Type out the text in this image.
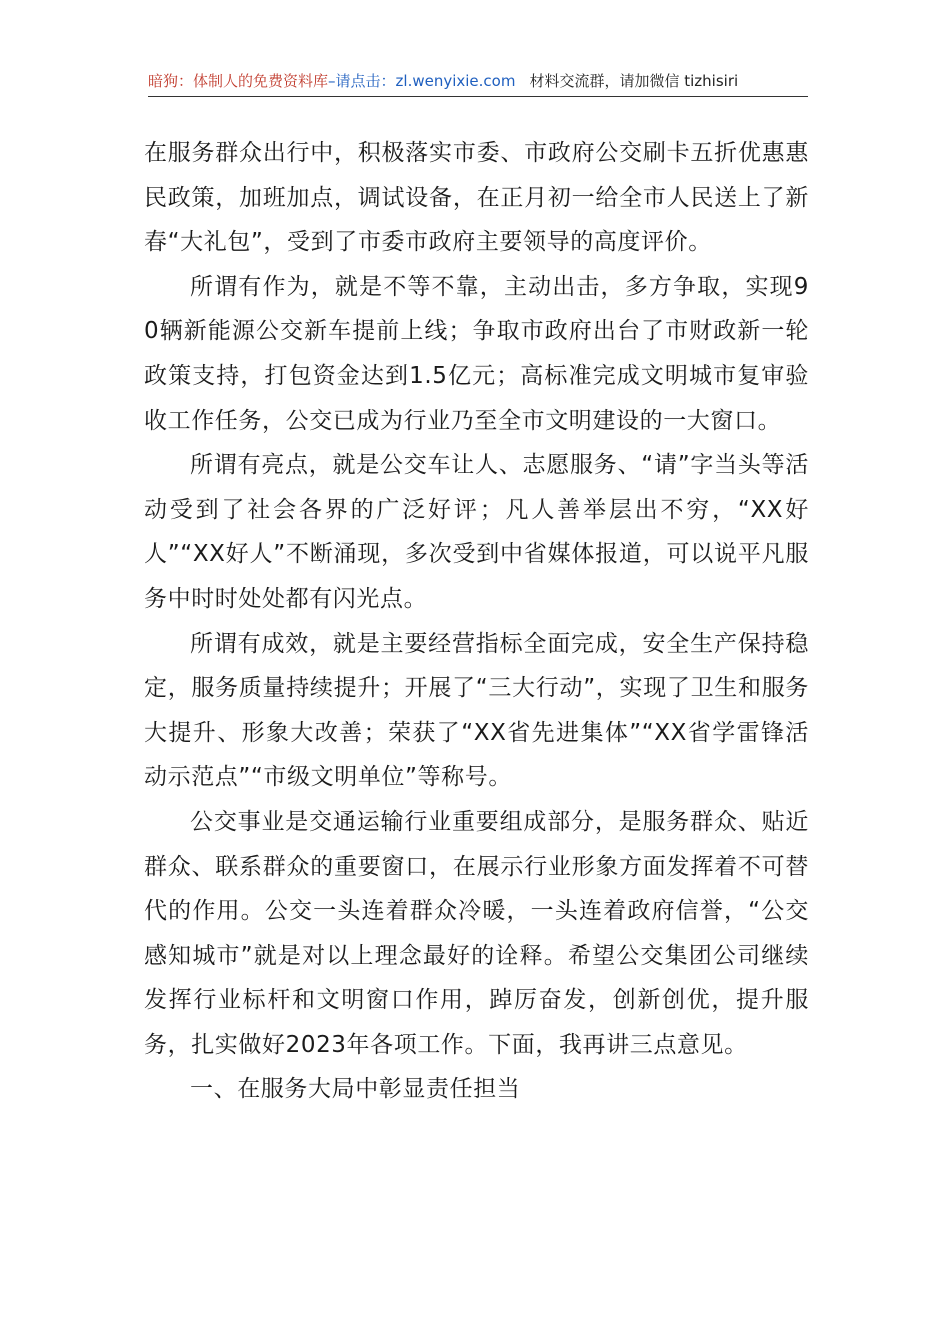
暗狗：体制人的免费资料库–请点击：zl.wenyixie.com 材料交流群，请加微信 tizhisiri

在服务群众出行中，积极落实市委、市政府公交刷卡五折优惠惠民政策，加班加点，调试设备，在正月初一给全市人民送上了新春“大礼包”，受到了市委市政府主要领导的高度评价。

所谓有作为，就是不等不靠，主动出击，多方争取，实现90辆新能源公交新车提前上线；争取市政府出台了市财政新一轮政策支持，打包资金达到1.5亿元；高标准完成文明城市复审验收工作任务，公交已成为行业乃至全市文明建设的一大窗口。

所谓有亮点，就是公交车让人、志愿服务、“请”字当头等活动受到了社会各界的广泛好评；凡人善举层出不穷，“XX好人”“XX好人”不断涌现，多次受到中省媒体报道，可以说平凡服务中时时处处都有闪光点。

所谓有成效，就是主要经营指标全面完成，安全生产保持稳定，服务质量持续提升；开展了“三大行动”，实现了卫生和服务大提升、形象大改善；荣获了“XX省先进集体”“XX省学雷锋活动示范点”“市级文明单位”等称号。

公交事业是交通运输行业重要组成部分，是服务群众、贴近群众、联系群众的重要窗口，在展示行业形象方面发挥着不可替代的作用。公交一头连着群众冷暖，一头连着政府信誉，“公交感知城市”就是对以上理念最好的诠释。希望公交集团公司继续发挥行业标杆和文明窗口作用，踔厉奋发，创新创优，提升服务，扎实做好2023年各项工作。下面，我再讲三点意见。

一、在服务大局中彰显责任担当
